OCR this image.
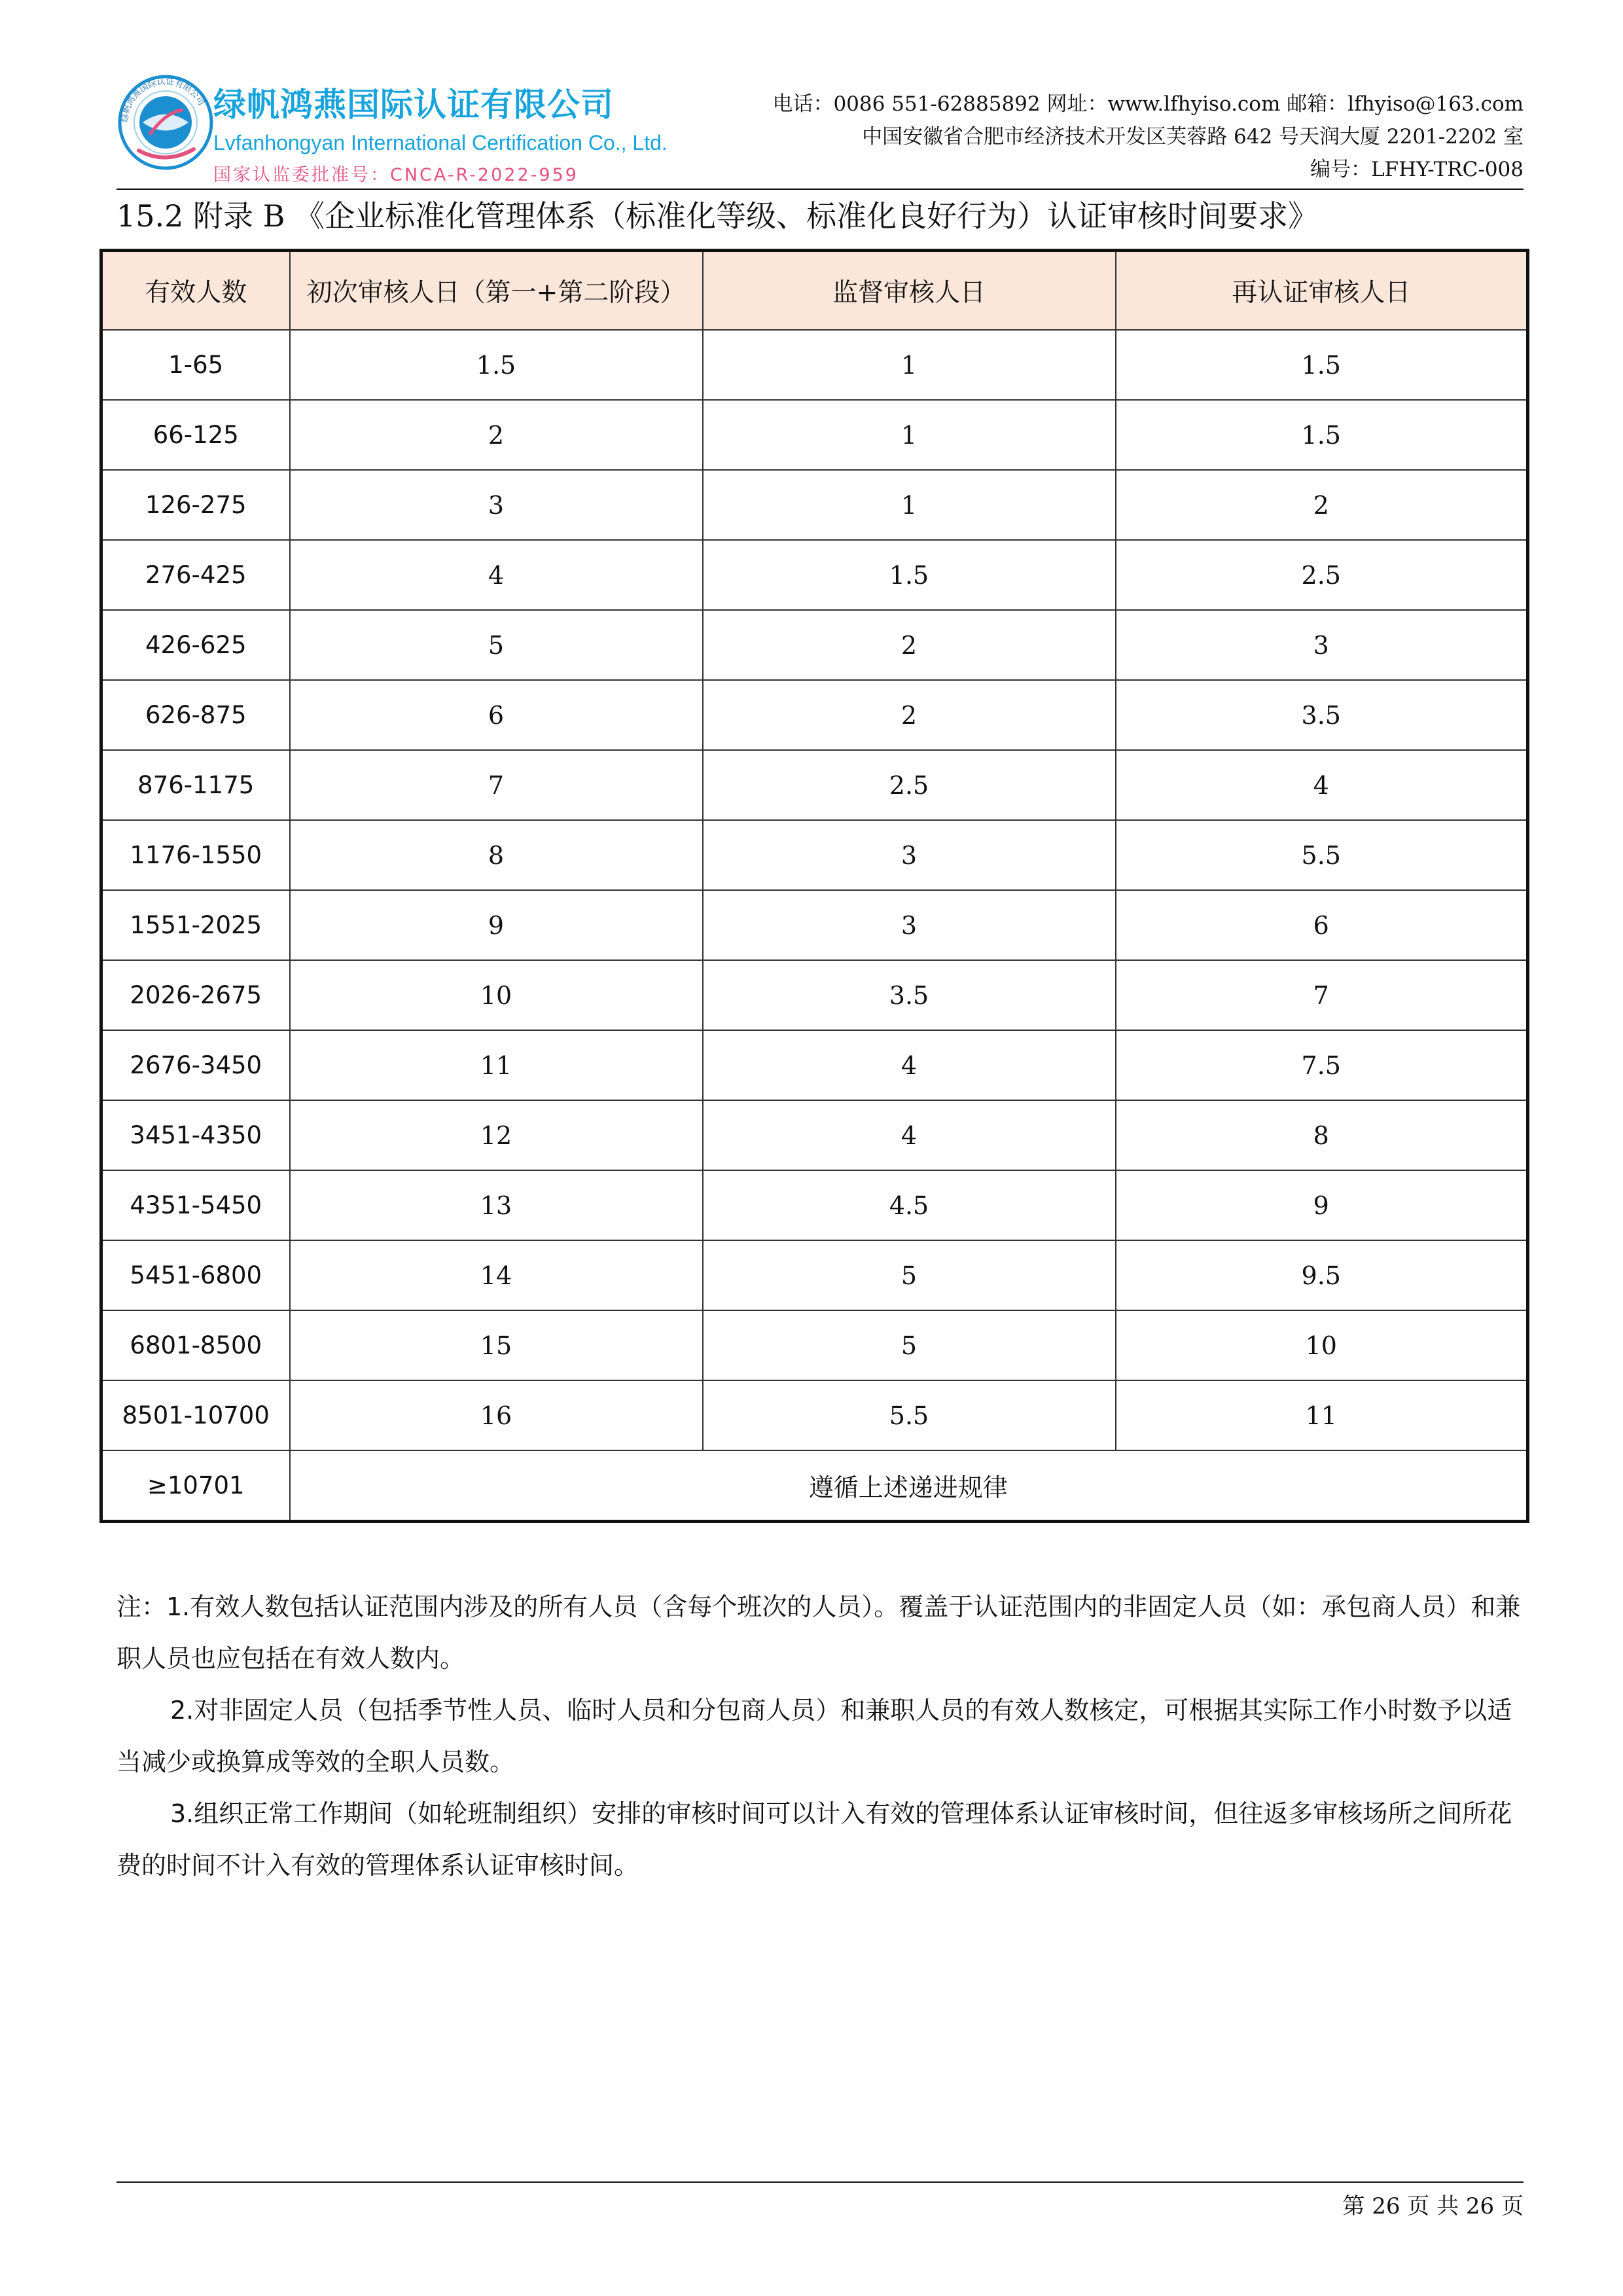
绿帆鸿燕国际认证有限公司 绿帆鸿燕国际认证有限公司
Lvfanhongyan International Certification Co., Ltd.
国家认监委批准号：CNCA-R-2022-959
电话：0086 551-62885892 网址：www.lfhyiso.com 邮箱：lfhyiso@163.com
中国安徽省合肥市经济技术开发区芙蓉路 642 号天润大厦 2201-2202 室
编号：LFHY-TRC-008
15.2 附录 B 《企业标准化管理体系（标准化等级、标准化良好行为）认证审核时间要求》
有效人数	初次审核人日（第一+第二阶段）	监督审核人日	再认证审核人日
1-65	1.5	1	1.5
66-125	2	1	1.5
126-275	3	1	2
276-425	4	1.5	2.5
426-625	5	2	3
626-875	6	2	3.5
876-1175	7	2.5	4
1176-1550	8	3	5.5
1551-2025	9	3	6
2026-2675	10	3.5	7
2676-3450	11	4	7.5
3451-4350	12	4	8
4351-5450	13	4.5	9
5451-6800	14	5	9.5
6801-8500	15	5	10
8501-10700	16	5.5	11
≥10701	遵循上述递进规律		

注：1.有效人数包括认证范围内涉及的所有人员（含每个班次的人员）。覆盖于认证范围内的非固定人员（如：承包商人员）和兼职人员也应包括在有效人数内。

2.对非固定人员（包括季节性人员、临时人员和分包商人员）和兼职人员的有效人数核定，可根据其实际工作小时数予以适当减少或换算成等效的全职人员数。

3.组织正常工作期间（如轮班制组织）安排的审核时间可以计入有效的管理体系认证审核时间，但往返多审核场所之间所花费的时间不计入有效的管理体系认证审核时间。

第 26 页 共 26 页
